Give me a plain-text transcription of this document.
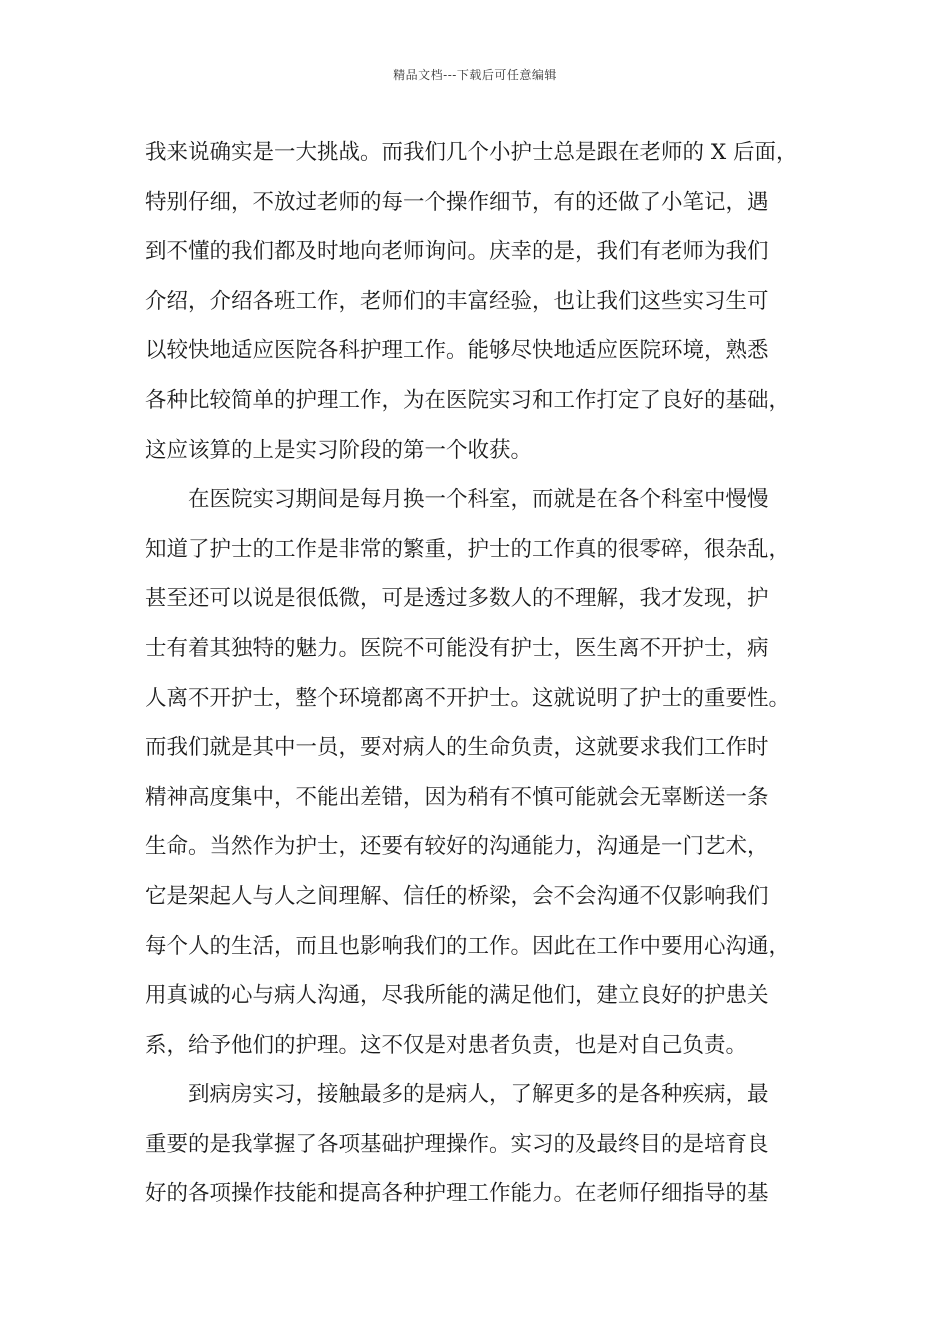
精品文档---下载后可任意编辑
我来说确实是一大挑战。而我们几个小护士总是跟在老师的 X 后面，
特别仔细，不放过老师的每一个操作细节，有的还做了小笔记，遇
到不懂的我们都及时地向老师询问。庆幸的是，我们有老师为我们
介绍，介绍各班工作，老师们的丰富经验，也让我们这些实习生可
以较快地适应医院各科护理工作。能够尽快地适应医院环境，熟悉
各种比较简单的护理工作，为在医院实习和工作打定了良好的基础，
这应该算的上是实习阶段的第一个收获。
在医院实习期间是每月换一个科室，而就是在各个科室中慢慢
知道了护士的工作是非常的繁重，护士的工作真的很零碎，很杂乱，
甚至还可以说是很低微，可是透过多数人的不理解，我才发现，护
士有着其独特的魅力。医院不可能没有护士，医生离不开护士，病
人离不开护士，整个环境都离不开护士。这就说明了护士的重要性。
而我们就是其中一员，要对病人的生命负责，这就要求我们工作时
精神高度集中，不能出差错，因为稍有不慎可能就会无辜断送一条
生命。当然作为护士，还要有较好的沟通能力，沟通是一门艺术，
它是架起人与人之间理解、信任的桥梁，会不会沟通不仅影响我们
每个人的生活，而且也影响我们的工作。因此在工作中要用心沟通，
用真诚的心与病人沟通，尽我所能的满足他们，建立良好的护患关
系，给予他们的护理。这不仅是对患者负责，也是对自己负责。
到病房实习，接触最多的是病人，了解更多的是各种疾病，最
重要的是我掌握了各项基础护理操作。实习的及最终目的是培育良
好的各项操作技能和提高各种护理工作能力。在老师仔细指导的基
